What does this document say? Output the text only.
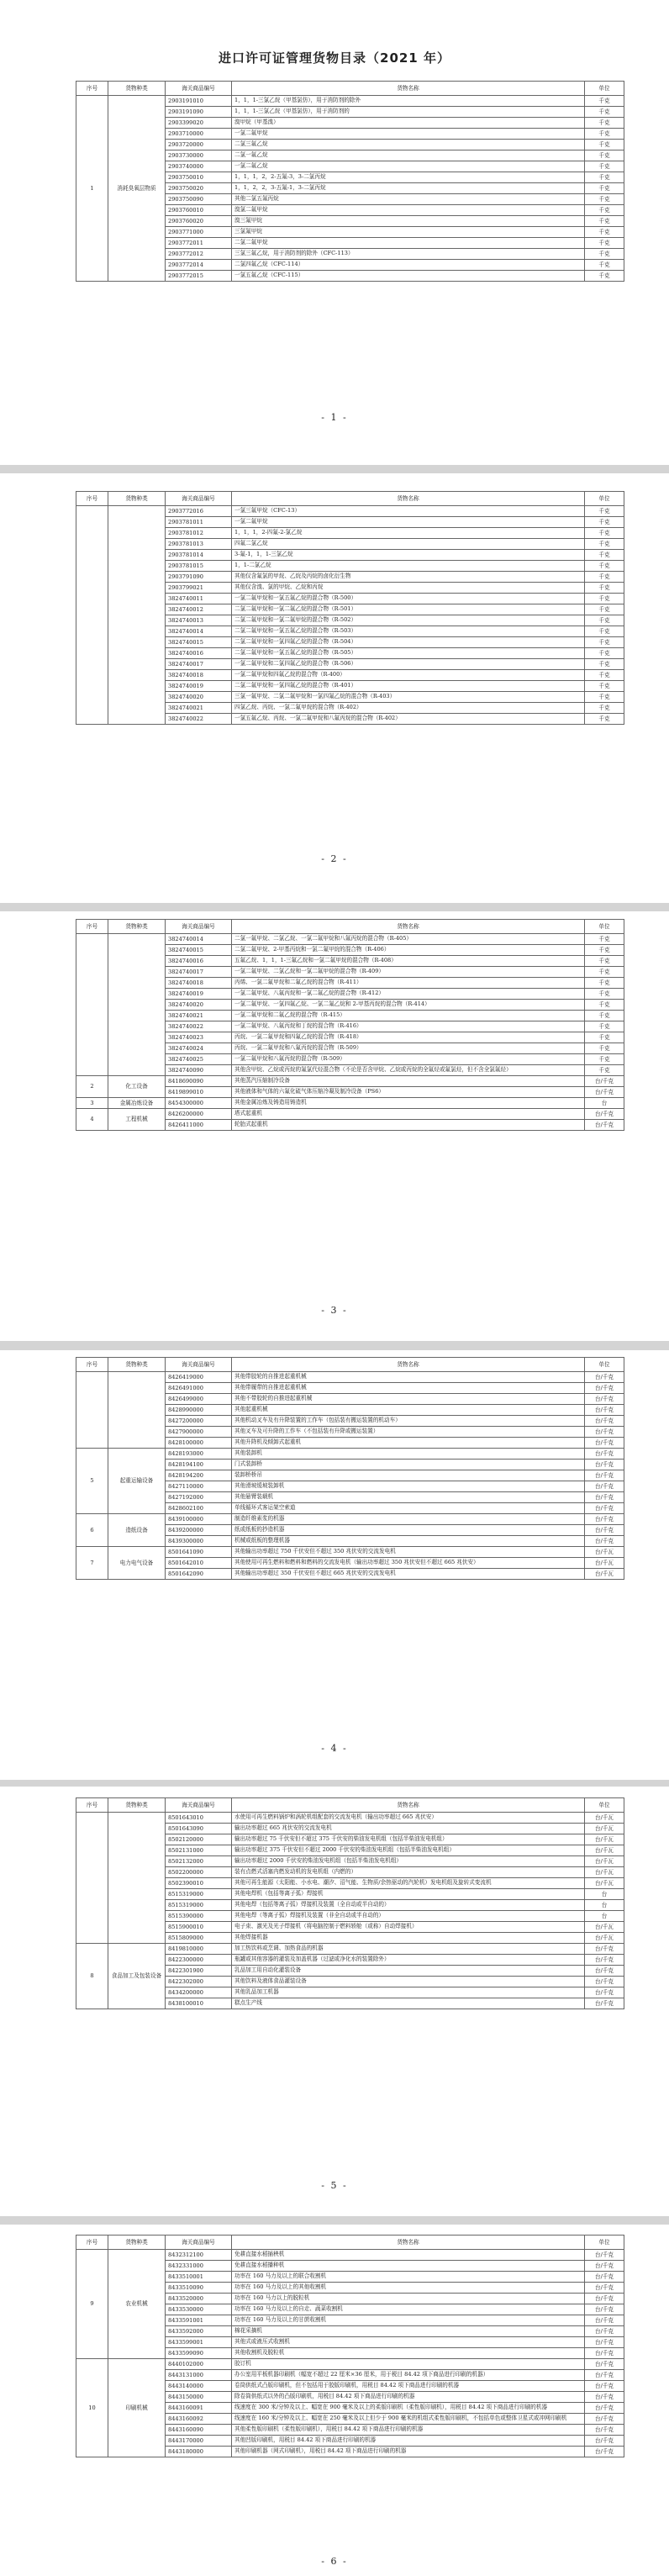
进口许可证管理货物目录（2021 年）
序号	货物种类	海关商品编号	货物名称	单位
1	消耗臭氧层物质	2903191010	1，1，1-三氯乙烷（甲基氯仿），用于消防剂的除外	千克
		2903191090	1，1，1-三氯乙烷（甲基氯仿），用于消防剂的	千克
		2903399020	溴甲烷（甲基溴）	千克
		2903710000	一氯二氟甲烷	千克
		2903720000	二氯三氟乙烷	千克
		2903730000	二氯一氟乙烷	千克
		2903740000	一氯二氟乙烷	千克
		2903750010	1，1，1，2，2-五氟-3，3-二氯丙烷	千克
		2903750020	1，1，2，2，3-五氟-1，3-二氯丙烷	千克
		2903750090	其他二氯五氟丙烷	千克
		2903760010	溴氯二氟甲烷	千克
		2903760020	溴三氟甲烷	千克
		2903771000	三氯氟甲烷	千克
		2903772011	二氯二氟甲烷	千克
		2903772012	三氯三氟乙烷，用于消防剂的除外（CFC-113）	千克
		2903772014	二氯四氟乙烷（CFC-114）	千克
		2903772015	一氯五氟乙烷（CFC-115）	千克
- 1 -
序号	货物种类	海关商品编号	货物名称	单位
		2903772016	一氯三氟甲烷（CFC-13）	千克
		2903781011	一氯二氟甲烷	千克
		2903781012	1，1，1，2-四氟-2-氯乙烷	千克
		2903781013	四氟二氯乙烷	千克
		2903781014	3-氟-1，1，1-三氯乙烷	千克
		2903781015	1，1-二氯乙烷	千克
		2903791090	其他仅含氟氯的甲烷、乙烷及丙烷的卤化衍生物	千克
		2903799021	其他仅含溴、氯的甲烷、乙烷和丙烷	千克
		3824740011	一氯二氟甲烷和一氯五氟乙烷的混合物（R-500）	千克
		3824740012	二氯二氟甲烷和一氯二氟乙烷的混合物（R-501）	千克
		3824740013	二氯二氟甲烷和一氯二氟甲烷的混合物（R-502）	千克
		3824740014	二氯二氟甲烷和一氯五氟乙烷的混合物（R-503）	千克
		3824740015	二氯二氟甲烷和一氯四氟乙烷的混合物（R-504）	千克
		3824740016	二氯二氟甲烷和一氯五氟乙烷的混合物（R-505）	千克
		3824740017	一氯二氟甲烷和二氯四氟乙烷的混合物（R-506）	千克
		3824740018	一氯二氟甲烷和四氟乙烷的混合物（R-400）	千克
		3824740019	二氯二氟甲烷和一氯四氟乙烷的混合物（R-401）	千克
		3824740020	三氯一氟甲烷、二氯二氟甲烷和一氯四氟乙烷的混合物（R-403）	千克
		3824740021	四氯乙烷、丙烷、一氯二氟甲烷的混合物（R-402）	千克
		3824740022	一氯五氟乙烷、丙烷、一氯二氟甲烷和八氟丙烷的混合物（R-402）	千克
- 2 -
序号	货物种类	海关商品编号	货物名称	单位
		3824740014	二氯一氟甲烷、二氯乙烷、一氯二氟甲烷和八氟丙烷的混合物（R-405）	千克
		3824740015	二氯二氟甲烷、2-甲基丙烷和一氯二氟甲烷的混合物（R-406）	千克
		3824740016	五氟乙烷、1，1，1-三氟乙烷和一氯二氟甲烷的混合物（R-408）	千克
		3824740017	一氯二氟甲烷、二氯乙烷和一氯二氟甲烷的混合物（R-409）	千克
		3824740018	丙烯、一氯二氟甲烷和二氟乙烷的混合物（R-411）	千克
		3824740019	一氯二氟甲烷、八氟丙烷和一氯二氟乙烷的混合物（R-412）	千克
		3824740020	一氯二氟甲烷、一氯四氟乙烷、一氯二氟乙烷和 2-甲基丙烷的混合物（R-414）	千克
		3824740021	一氯二氟甲烷和二氟乙烷的混合物（R-415）	千克
		3824740022	一氯二氟甲烷、八氟丙烷和丁烷的混合物（R-416）	千克
		3824740023	丙烷、一氯二氟甲烷和四氟乙烷的混合物（R-418）	千克
		3824740024	丙烷、一氯二氟甲烷和八氟丙烷的混合物（R-509）	千克
		3824740025	一氯二氟甲烷和八氟丙烷的混合物（R-509）	千克
		3824740090	其他含甲烷、乙烷或丙烷的氟氯代烃混合物（不论是否含甲烷、乙烷或丙烷的全氟烃或氟氯烃，但不含全氯氟烃）	千克
2	化工设备	8418690090	其他蒸汽压缩制冷设备	台/千克
		8419899010	其他液体和气体的六氟化硫气体压缩冷凝及制冷设备（PS6）	台/千克
3	金属冶炼设备	8454300000	其他金属冶炼及铸造用铸造机	台
4	工程机械	8426200000	塔式起重机	台/千克
		8426411000	轮胎式起重机	台/千克
- 3 -
序号	货物种类	海关商品编号	货物名称	单位
		8426419000	其他带胶轮的自推进起重机械	台/千克
		8426491000	其他带履带的自推进起重机械	台/千克
		8426499000	其他不带胶轮的自推进起重机械	台/千克
		8428990000	其他起重机械	台/千克
		8427200000	其他机动叉车及有升降装置的工作车（包括装有搬运装置的机动车）	台/千克
		8427900000	其他叉车及可升降的工作车（不包括装有升降或搬运装置）	台/千克
		8428100000	其他升降机及倾卸式起重机	台/千克
5	起重运输设备	8428193000	其他装卸机	台/千克
		8428194100	门式装卸桥	台/千克
		8428194200	装卸桥桥吊	台/千克
		8427110000	其他滑坡缓坡装卸机	台/千克
		8427192000	其他悬臂装载机	台/千克
		8428602100	单线循环式客运架空索道	台/千克
6	造纸设备	8439100000	制造纤维素浆的机器	台/千克
		8439200000	纸或纸板的抄造机器	台/千克
		8439300000	机械或纸板的整理机器	台/千克
7	电力电气设备	8501641090	其他输出功率超过 750 千伏安但不超过 350 兆伏安的交流发电机	台/千瓦
		8501642010	其他使用可再生燃料和燃料和燃料的交流发电机（输出功率超过 350 兆伏安但不超过 665 兆伏安）	台/千瓦
		8501642090	其他输出功率超过 350 千伏安但不超过 665 兆伏安的交流发电机	台/千瓦
- 4 -
序号	货物种类	海关商品编号	货物名称	单位
		8501643010	水使用可再生燃料锅炉和涡轮机组配套的交流发电机（输出功率超过 665 兆伏安）	台/千瓦
		8501643090	输出功率超过 665 兆伏安的交流发电机	台/千瓦
		8502120000	输出功率超过 75 千伏安但不超过 375 千伏安的柴油发电机组（包括半柴油发电机组）	台/千瓦
		8502131000	输出功率超过 375 千伏安但不超过 2000 千伏安的柴油发电机组（包括半柴油发电机组）	台/千瓦
		8502132000	输出功率超过 2000 千伏安的柴油发电机组（包括半柴油发电机组）	台/千瓦
		8502200000	装有点燃式活塞内燃发动机的发电机组（内燃的）	台/千瓦
		8502390010	其他可再生能源（太阳能、小水电、潮汐、沼气能、生物质/余热驱动的汽轮机）发电机组及旋转式变流机	台/千瓦
		8515319000	其他电焊机（包括等离子弧）焊接机	台
		8515319000	其他电焊（包括等离子弧）焊接机及装置（全自动或半自动的）	台
		8515390000	其他电焊（等离子弧）焊接机及装置（非全自动或半自动的）	台
		8515900010	电子束、激光及光子焊接机（将电脑控制于燃料轿舱（或称）自动焊接机）	台/千瓦
		8515809000	其他焊接机器	台/千瓦
8	食品加工及包装设备	8419810000	加工热饮料或烹调、加热食品的机器	台/千克
		8422300000	瓶罐或其他容器的灌装及加盖机器（过滤或净化水的装置除外）	台/千克
		8422301900	乳品加工用自动化灌装设备	台/千克
		8422302000	其他饮料及液体食品灌装设备	台/千克
		8434200000	其他乳品加工机器	台/千克
		8438100010	糕点生产线	台/千克
- 5 -
序号	货物种类	海关商品编号	货物名称	单位
9	农业机械	8432312100	免耕直接水稻插秧机	台/千克
		8432331000	免耕直接水稻播种机	台/千克
		8433510001	功率在 160 马力及以上的联合收割机	台/千克
		8433510090	功率在 160 马力及以上的其他收割机	台/千克
		8433520000	功率在 160 马力以上的脱粒机	台/千克
		8433530000	功率在 160 马力及以上的自走、蔬菜收割机	台/千克
		8433591001	功率在 160 马力及以上的甘蔗收割机	台/千克
		8433592000	棉花采摘机	台/千克
		8433599001	其他式或液压式收割机	台/千克
		8433599090	其他收割机及脱粒机	台/千克
10	印刷机械	8440102000	胶订机	台/千克
		8443131000	办公室用平板机器印刷机（幅宽不超过 22 厘米×36 厘米，用于税目 84.42 项下商品进行印刷的机器）	台/千克
		8443140000	卷筒供纸式凸版印刷机，但不包括用于胶版印刷机，用税目 84.42 项下商品进行印刷的机器	台/千克
		8443150000	除卷筒供纸式以外的凸版印刷机，用税目 84.42 项下商品进行印刷的机器	台/千克
		8443160091	线速度在 300 米/分钟及以上、幅宽在 900 毫米及以上的柔版印刷机（柔性版印刷机），用税目 84.42 项下商品进行印刷的机器	台/千克
		8443160092	线速度在 160 米/分钟及以上、幅宽在 250 毫米及以上但少于 900 毫米的机组式柔性版印刷机，不包括单色或整体卫星式或冲网印刷机	台/千克
		8443160090	其他柔性版印刷机（柔性版印刷机），用税目 84.42 项下商品进行印刷的机器	台/千克
		8443170000	其他凹版印刷机，用税目 84.42 项下商品进行印刷的机器	台/千克
		8443180000	其他印刷机器（网式印刷机），用税目 84.42 项下商品进行印刷的机器	台/千克
- 6 -
